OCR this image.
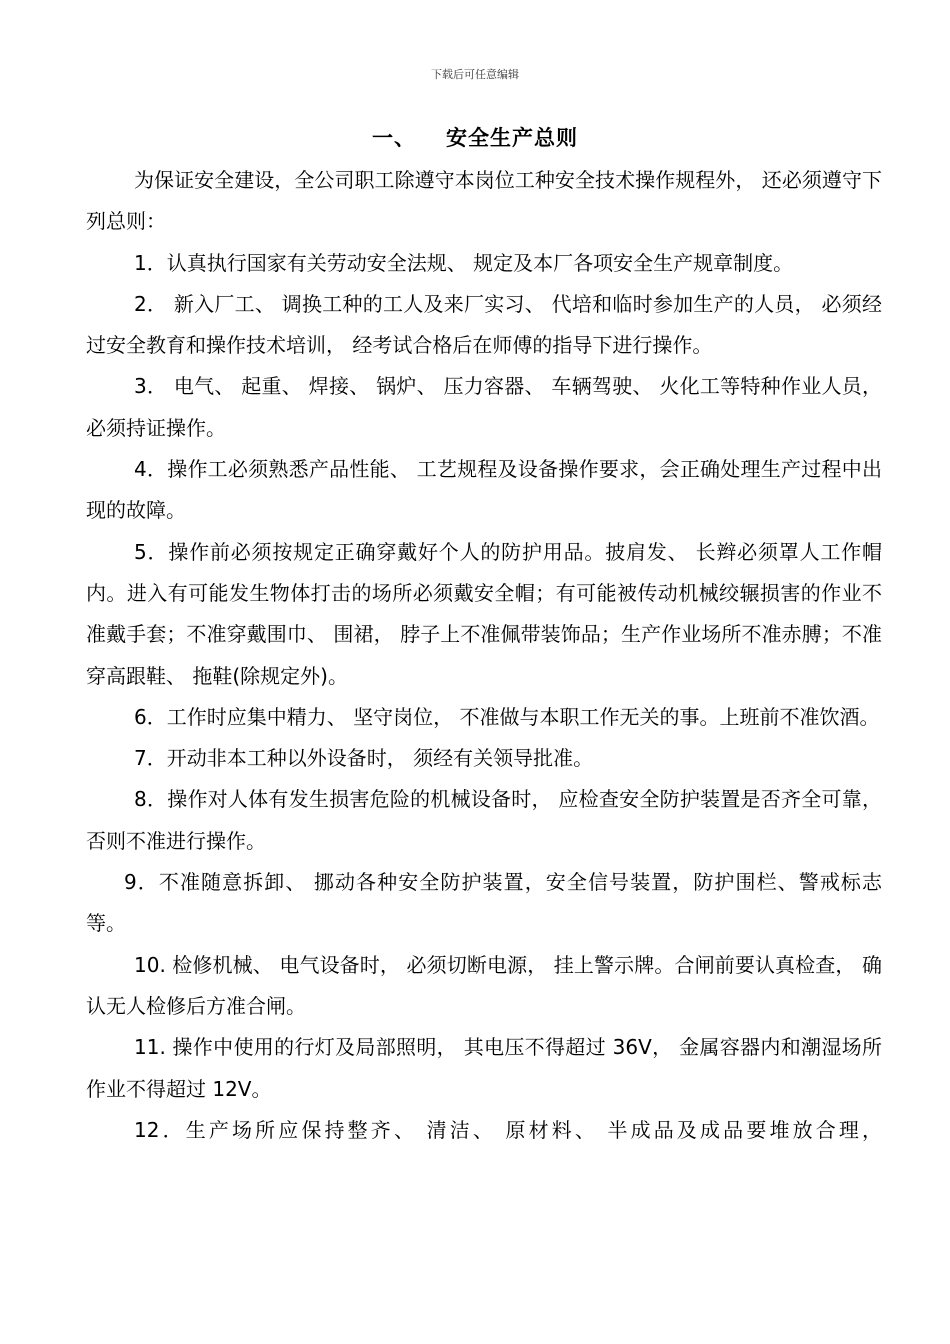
下载后可任意编辑
一、 安全生产总则

为保证安全建设，全公司职工除遵守本岗位工种安全技术操作规程外， 还必须遵守下列总则：

1．认真执行国家有关劳动安全法规、 规定及本厂各项安全生产规章制度。

2． 新入厂工、 调换工种的工人及来厂实习、 代培和临时参加生产的人员， 必须经过安全教育和操作技术培训， 经考试合格后在师傅的指导下进行操作。

3． 电气、 起重、 焊接、 锅炉、 压力容器、 车辆驾驶、 火化工等特种作业人员，必须持证操作。

4．操作工必须熟悉产品性能、 工艺规程及设备操作要求，会正确处理生产过程中出现的故障。

5．操作前必须按规定正确穿戴好个人的防护用品。披肩发、 长辫必须罩人工作帽内。进入有可能发生物体打击的场所必须戴安全帽；有可能被传动机械绞辗损害的作业不准戴手套；不准穿戴围巾、 围裙， 脖子上不准佩带装饰品；生产作业场所不准赤膊；不准穿高跟鞋、 拖鞋(除规定外)。

6．工作时应集中精力、 坚守岗位， 不准做与本职工作无关的事。上班前不准饮酒。

7．开动非本工种以外设备时， 须经有关领导批准。

8．操作对人体有发生损害危险的机械设备时， 应检查安全防护装置是否齐全可靠， 否则不准进行操作。

9．不准随意拆卸、 挪动各种安全防护装置，安全信号装置，防护围栏、警戒标志等。

10. 检修机械、 电气设备时， 必须切断电源， 挂上警示牌。合闸前要认真检查， 确认无人检修后方准合闸。

11. 操作中使用的行灯及局部照明， 其电压不得超过 36V， 金属容器内和潮湿场所作业不得超过 12V。

12．生产场所应保持整齐、 清洁、 原材料、 半成品及成品要堆放合理，
